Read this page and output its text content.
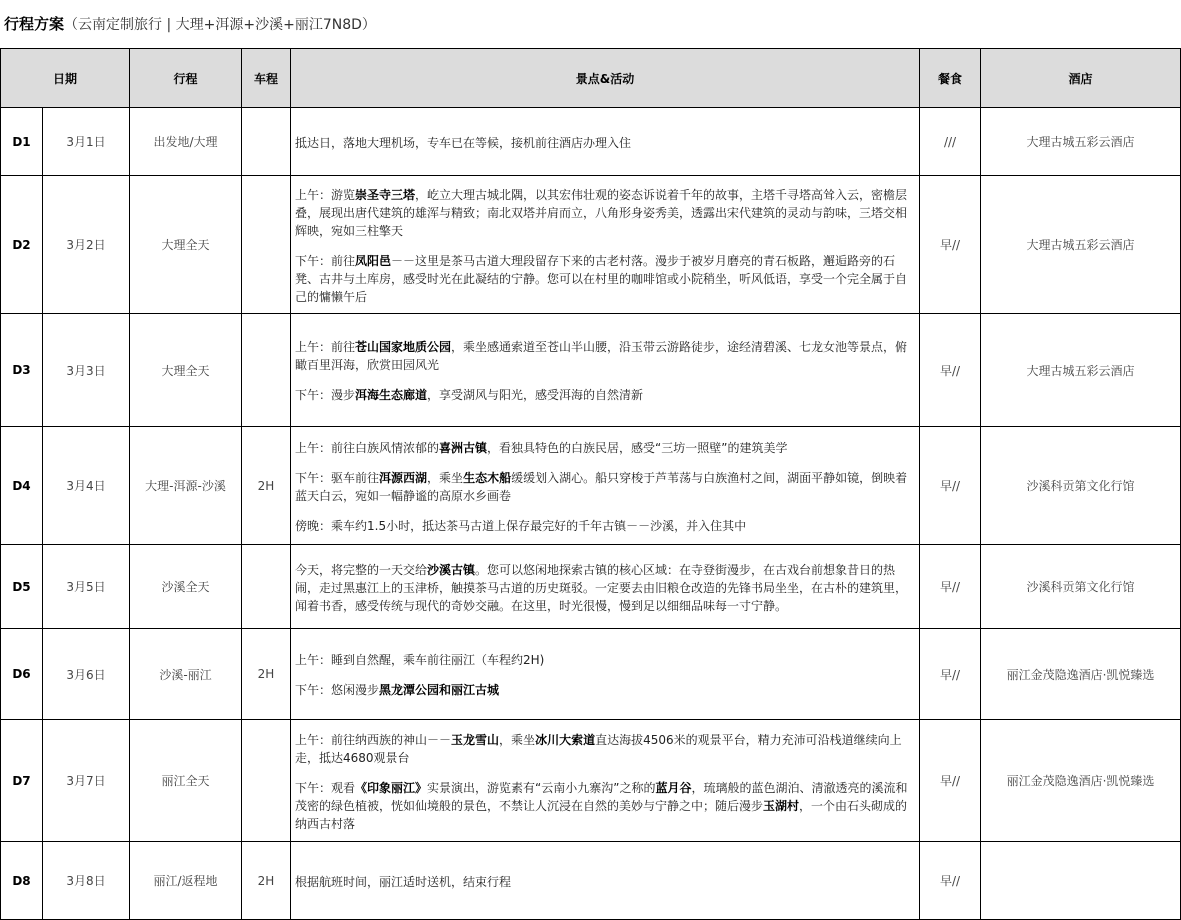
行程方案（云南定制旅行 | 大理+洱源+沙溪+丽江7N8D）
日期		行程	车程	景点&活动	餐食	酒店
D1	3月1日	出发地/大理		抵达日，落地大理机场，专车已在等候，接机前往酒店办理入住	///	大理古城五彩云酒店
D2	3月2日	大理全天		上午：游览崇圣寺三塔，屹立大理古城北隅，以其宏伟壮观的姿态诉说着千年的故事，主塔千寻塔高耸入云，密檐层叠，展现出唐代建筑的雄浑与精致；南北双塔并肩而立，八角形身姿秀美，透露出宋代建筑的灵动与韵味，三塔交相辉映，宛如三柱擎天

下午：前往凤阳邑－－这里是茶马古道大理段留存下来的古老村落。漫步于被岁月磨亮的青石板路，邂逅路旁的石凳、古井与土库房，感受时光在此凝结的宁静。您可以在村里的咖啡馆或小院稍坐，听风低语，享受一个完全属于自己的慵懒午后	早//	大理古城五彩云酒店
D3	3月3日	大理全天		上午：前往苍山国家地质公园，乘坐感通索道至苍山半山腰，沿玉带云游路徒步，途经清碧溪、七龙女池等景点，俯瞰百里洱海，欣赏田园风光

下午：漫步洱海生态廊道，享受湖风与阳光，感受洱海的自然清新	早//	大理古城五彩云酒店
D4	3月4日	大理-洱源-沙溪	2H	上午：前往白族风情浓郁的喜洲古镇，看独具特色的白族民居，感受“三坊一照壁”的建筑美学

下午：驱车前往洱源西湖，乘坐生态木船缓缓划入湖心。船只穿梭于芦苇荡与白族渔村之间，湖面平静如镜，倒映着蓝天白云，宛如一幅静谧的高原水乡画卷

傍晚：乘车约1.5小时，抵达茶马古道上保存最完好的千年古镇－－沙溪，并入住其中	早//	沙溪科贡第文化行馆
D5	3月5日	沙溪全天		今天，将完整的一天交给沙溪古镇。您可以悠闲地探索古镇的核心区域：在寺登街漫步，在古戏台前想象昔日的热闹，走过黑惠江上的玉津桥，触摸茶马古道的历史斑驳。一定要去由旧粮仓改造的先锋书局坐坐，在古朴的建筑里，闻着书香，感受传统与现代的奇妙交融。在这里，时光很慢，慢到足以细细品味每一寸宁静。	早//	沙溪科贡第文化行馆
D6	3月6日	沙溪-丽江	2H	上午：睡到自然醒，乘车前往丽江（车程约2H)

下午：悠闲漫步黑龙潭公园和丽江古城	早//	丽江金茂隐逸酒店·凯悦臻选
D7	3月7日	丽江全天		上午：前往纳西族的神山－－玉龙雪山，乘坐冰川大索道直达海拔4506米的观景平台，精力充沛可沿栈道继续向上走，抵达4680观景台

下午：观看《印象丽江》实景演出，游览素有“云南小九寨沟”之称的蓝月谷，琉璃般的蓝色湖泊、清澈透亮的溪流和茂密的绿色植被，恍如仙境般的景色，不禁让人沉浸在自然的美妙与宁静之中；随后漫步玉湖村，一个由石头砌成的纳西古村落	早//	丽江金茂隐逸酒店·凯悦臻选
D8	3月8日	丽江/返程地	2H	根据航班时间，丽江适时送机，结束行程	早//	
